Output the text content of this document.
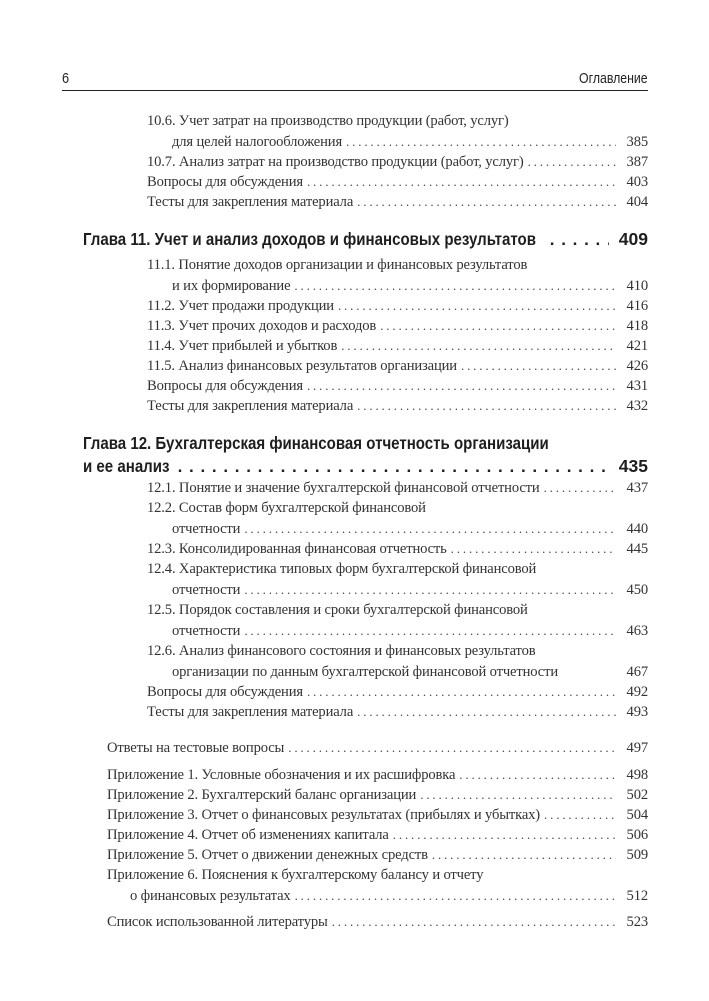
6	Оглавление
10.6. Учет затрат на производство продукции (работ, услуг)
для целей налогообложения . . .	385
10.7. Анализ затрат на производство продукции (работ, услуг) . . .	387
Вопросы для обсуждения . . .	403
Тесты для закрепления материала . . .	404
Глава 11. Учет и анализ доходов и финансовых результатов . . .	409
11.1. Понятие доходов организации и финансовых результатов
и их формирование . . .	410
11.2. Учет продажи продукции . . .	416
11.3. Учет прочих доходов и расходов . . .	418
11.4. Учет прибылей и убытков . . .	421
11.5. Анализ финансовых результатов организации . . .	426
Вопросы для обсуждения . . .	431
Тесты для закрепления материала . . .	432
Глава 12. Бухгалтерская финансовая отчетность организации
и ее анализ . . .	435
12.1. Понятие и значение бухгалтерской финансовой отчетности . . .	437
12.2. Состав форм бухгалтерской финансовой
отчетности . . .	440
12.3. Консолидированная финансовая отчетность . . .	445
12.4. Характеристика типовых форм бухгалтерской финансовой
отчетности . . .	450
12.5. Порядок составления и сроки бухгалтерской финансовой
отчетности . . .	463
12.6. Анализ финансового состояния и финансовых результатов
организации по данным бухгалтерской финансовой отчетности	467
Вопросы для обсуждения . . .	492
Тесты для закрепления материала . . .	493
Ответы на тестовые вопросы . . .	497
Приложение 1. Условные обозначения и их расшифровка . . .	498
Приложение 2. Бухгалтерский баланс организации . . .	502
Приложение 3. Отчет о финансовых результатах (прибылях и убытках) . . .	504
Приложение 4. Отчет об изменениях капитала . . .	506
Приложение 5. Отчет о движении денежных средств . . .	509
Приложение 6. Пояснения к бухгалтерскому балансу и отчету
о финансовых результатах . . .	512
Список использованной литературы . . .	523
